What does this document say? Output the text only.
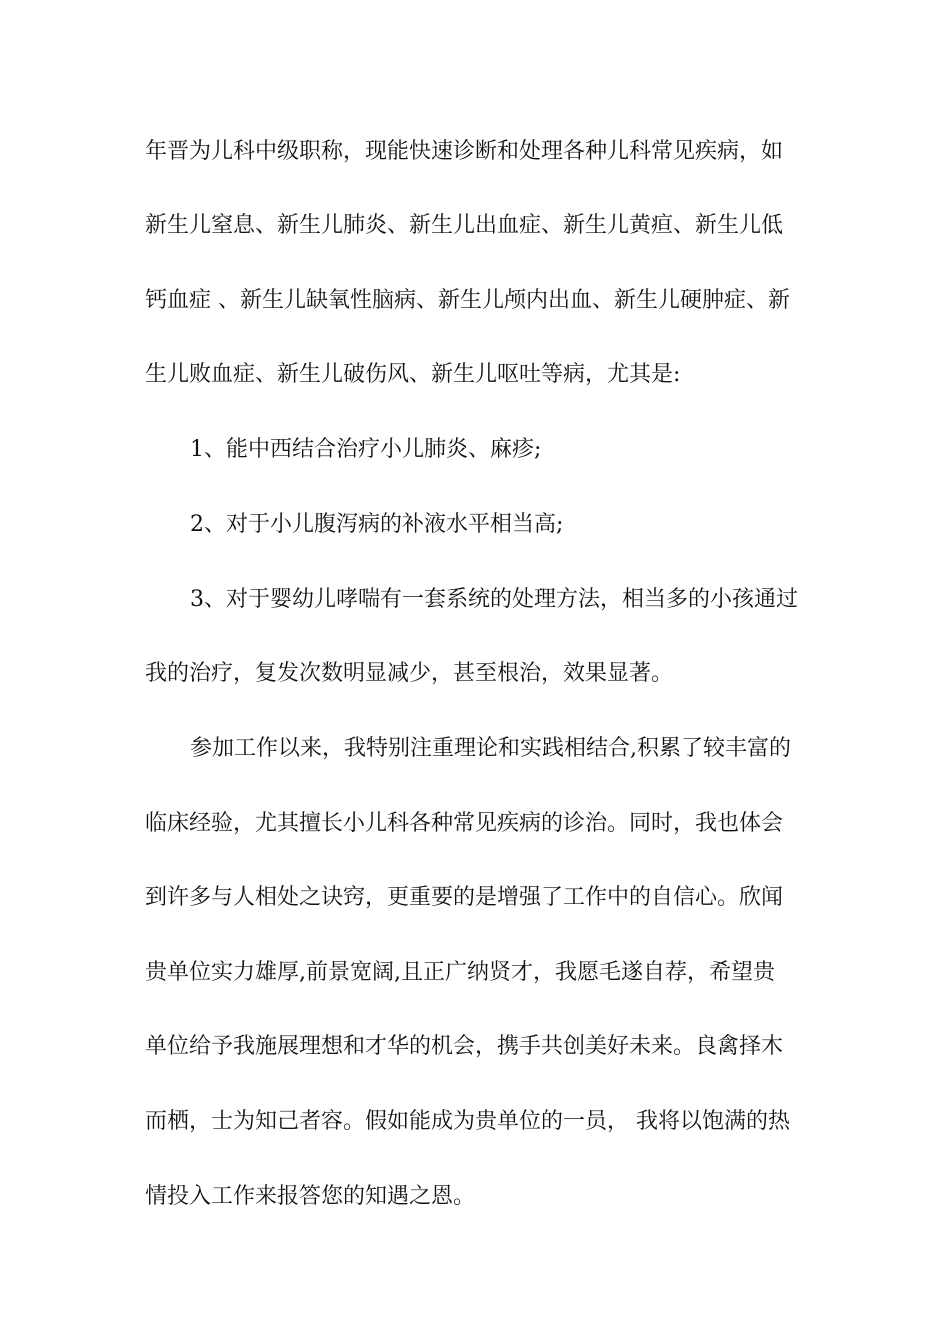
年晋为儿科中级职称，现能快速诊断和处理各种儿科常见疾病，如
新生儿窒息、新生儿肺炎、新生儿出血症、新生儿黄疸、新生儿低
钙血症 、新生儿缺氧性脑病、新生儿颅内出血、新生儿硬肿症、新
生儿败血症、新生儿破伤风、新生儿呕吐等病，尤其是:
1、能中西结合治疗小儿肺炎、麻疹;
2、对于小儿腹泻病的补液水平相当高;
3、对于婴幼儿哮喘有一套系统的处理方法，相当多的小孩通过
我的治疗，复发次数明显减少，甚至根治，效果显著。
参加工作以来，我特别注重理论和实践相结合,积累了较丰富的
临床经验，尤其擅长小儿科各种常见疾病的诊治。同时，我也体会
到许多与人相处之诀窍，更重要的是增强了工作中的自信心。欣闻
贵单位实力雄厚,前景宽阔,且正广纳贤才，我愿毛遂自荐，希望贵
单位给予我施展理想和才华的机会，携手共创美好未来。良禽择木
而栖，士为知己者容。假如能成为贵单位的一员， 我将以饱满的热
情投入工作来报答您的知遇之恩。
